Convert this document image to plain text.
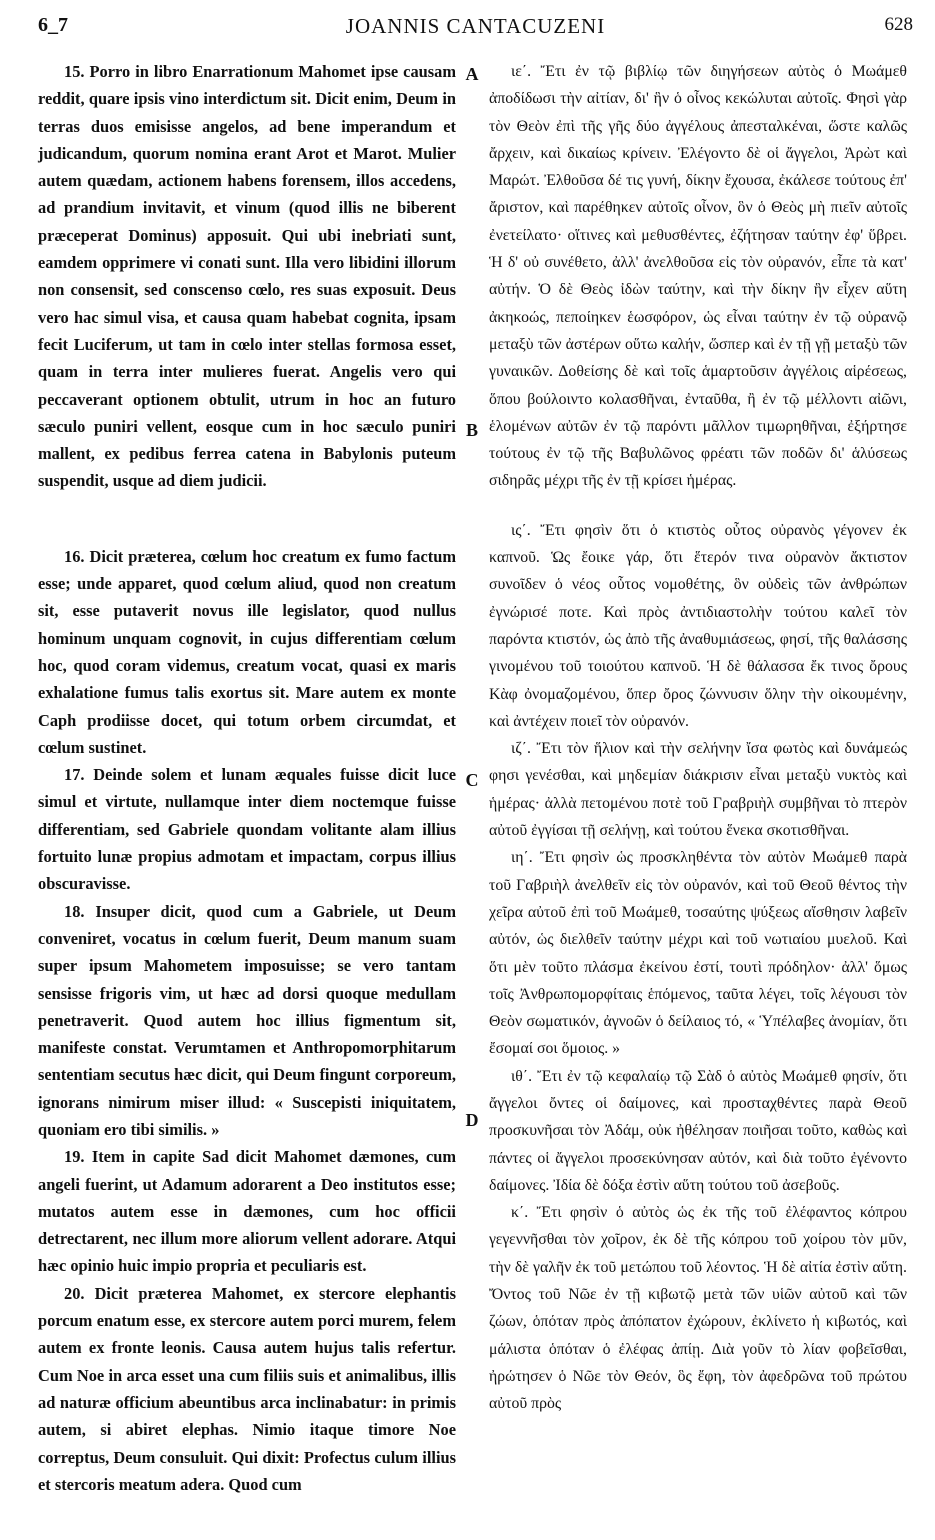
6_7	JOANNIS CANTACUZENI	628

15. Porro in libro Enarrationum Mahomet ipse causam reddit, quare ipsis vino interdictum sit. Dicit enim, Deum in terras duos emisisse angelos, ad bene imperandum et judicandum, quorum nomina erant Arot et Marot. Mulier autem quædam, actionem habens forensem, illos accedens, ad prandium invitavit, et vinum (quod illis ne biberent præceperat Dominus) apposuit. Qui ubi inebriati sunt, eamdem opprimere vi conati sunt. Illa vero libidini illorum non consensit, sed conscenso cœlo, res suas exposuit. Deus vero hac simul visa, et causa quam habebat cognita, ipsam fecit Luciferum, ut tam in cœlo inter stellas formosa esset, quam in terra inter mulieres fuerat. Angelis vero qui peccaverant optionem obtulit, utrum in hoc an futuro sæculo puniri vellent, eosque cum in hoc sæculo puniri mallent, ex pedibus ferrea catena in Babylonis puteum suspendit, usque ad diem judicii.

16. Dicit præterea, cœlum hoc creatum ex fumo factum esse; unde apparet, quod cœlum aliud, quod non creatum sit, esse putaverit novus ille legislator, quod nullus hominum unquam cognovit, in cujus differentiam cœlum hoc, quod coram videmus, creatum vocat, quasi ex maris exhalatione fumus talis exortus sit. Mare autem ex monte Caph prodiisse docet, qui totum orbem circumdat, et cœlum sustinet.

17. Deinde solem et lunam æquales fuisse dicit luce simul et virtute, nullamque inter diem noctemque fuisse differentiam, sed Gabriele quondam volitante alam illius fortuito lunæ propius admotam et impactam, corpus illius obscuravisse.

18. Insuper dicit, quod cum a Gabriele, ut Deum conveniret, vocatus in cœlum fuerit, Deum manum suam super ipsum Mahometem imposuisse; se vero tantam sensisse frigoris vim, ut hæc ad dorsi quoque medullam penetraverit. Quod autem hoc illius figmentum sit, manifeste constat. Verumtamen et Anthropomorphitarum sententiam secutus hæc dicit, qui Deum fingunt corporeum, ignorans nimirum miser illud: « Suscepisti iniquitatem, quoniam ero tibi similis. »

19. Item in capite Sad dicit Mahomet dæmones, cum angeli fuerint, ut Adamum adorarent a Deo institutos esse; mutatos autem esse in dæmones, cum hoc officii detrectarent, nec illum more aliorum vellent adorare. Atqui hæc opinio huic impio propria et peculiaris est.

20. Dicit præterea Mahomet, ex stercore elephantis porcum enatum esse, ex stercore autem porci murem, felem autem ex fronte leonis. Causa autem hujus talis refertur. Cum Noe in arca esset una cum filiis suis et animalibus, illis ad naturæ officium abeuntibus arca inclinabatur: in primis autem, si abiret elephas. Nimio itaque timore Noe correptus, Deum consuluit. Qui dixit: Profectus culum illius et stercoris meatum adera. Quod cum

A
B
C
D

ιε΄. Ἔτι ἐν τῷ βιβλίῳ τῶν διηγήσεων αὐτὸς ὁ Μωάμεθ ἀποδίδωσι τὴν αἰτίαν, δι' ἣν ὁ οἶνος κεκώλυται αὐτοῖς. Φησὶ γὰρ τὸν Θεὸν ἐπὶ τῆς γῆς δύο ἀγγέλους ἀπεσταλκέναι, ὥστε καλῶς ἄρχειν, καὶ δικαίως κρίνειν. Ἐλέγοντο δὲ οἱ ἄγγελοι, Ἀρὼτ καὶ Μαρώτ. Ἐλθοῦσα δέ τις γυνή, δίκην ἔχουσα, ἐκάλεσε τούτους ἐπ' ἄριστον, καὶ παρέθηκεν αὐτοῖς οἶνον, ὃν ὁ Θεὸς μὴ πιεῖν αὐτοῖς ἐνετείλατο· οἵτινες καὶ μεθυσθέντες, ἐζήτησαν ταύτην ἐφ' ὕβρει. Ἡ δ' οὐ συνέθετο, ἀλλ' ἀνελθοῦσα εἰς τὸν οὐρανόν, εἶπε τὰ κατ' αὐτήν. Ὁ δὲ Θεὸς ἰδὼν ταύτην, καὶ τὴν δίκην ἣν εἶχεν αὕτη ἀκηκοώς, πεποίηκεν ἑωσφόρον, ὡς εἶναι ταύτην ἐν τῷ οὐρανῷ μεταξὺ τῶν ἀστέρων οὕτω καλήν, ὥσπερ καὶ ἐν τῇ γῇ μεταξὺ τῶν γυναικῶν. Δοθείσης δὲ καὶ τοῖς ἁμαρτοῦσιν ἀγγέλοις αἱρέσεως, ὅπου βούλοιντο κολασθῆναι, ἐνταῦθα, ἢ ἐν τῷ μέλλοντι αἰῶνι, ἑλομένων αὐτῶν ἐν τῷ παρόντι μᾶλλον τιμωρηθῆναι, ἐξήρτησε τούτους ἐν τῷ τῆς Βαβυλῶνος φρέατι τῶν ποδῶν δι' ἁλύσεως σιδηρᾶς μέχρι τῆς ἐν τῇ κρίσει ἡμέρας.

ις΄. Ἔτι φησὶν ὅτι ὁ κτιστὸς οὗτος οὐρανὸς γέγονεν ἐκ καπνοῦ. Ὡς ἔοικε γάρ, ὅτι ἕτερόν τινα οὐρανὸν ἄκτιστον συνοῖδεν ὁ νέος οὗτος νομοθέτης, ὃν οὐδεὶς τῶν ἀνθρώπων ἐγνώρισέ ποτε. Καὶ πρὸς ἀντιδιαστολὴν τούτου καλεῖ τὸν παρόντα κτιστόν, ὡς ἀπὸ τῆς ἀναθυμιάσεως, φησί, τῆς θαλάσσης γινομένου τοῦ τοιούτου καπνοῦ. Ἡ δὲ θάλασσα ἔκ τινος ὄρους Κὰφ ὀνομαζομένου, ὅπερ ὄρος ζώννυσιν ὅλην τὴν οἰκουμένην, καὶ ἀντέχειν ποιεῖ τὸν οὐρανόν.

ιζ΄. Ἔτι τὸν ἥλιον καὶ τὴν σελήνην ἴσα φωτὸς καὶ δυνάμεώς φησι γενέσθαι, καὶ μηδεμίαν διάκρισιν εἶναι μεταξὺ νυκτὸς καὶ ἡμέρας· ἀλλὰ πετομένου ποτὲ τοῦ Γραβριὴλ συμβῆναι τὸ πτερὸν αὐτοῦ ἐγγίσαι τῇ σελήνῃ, καὶ τούτου ἕνεκα σκοτισθῆναι.

ιη΄. Ἔτι φησὶν ὡς προσκληθέντα τὸν αὐτὸν Μωάμεθ παρὰ τοῦ Γαβριὴλ ἀνελθεῖν εἰς τὸν οὐρανόν, καὶ τοῦ Θεοῦ θέντος τὴν χεῖρα αὐτοῦ ἐπὶ τοῦ Μωάμεθ, τοσαύτης ψύξεως αἴσθησιν λαβεῖν αὐτόν, ὡς διελθεῖν ταύτην μέχρι καὶ τοῦ νωτιαίου μυελοῦ. Καὶ ὅτι μὲν τοῦτο πλάσμα ἐκείνου ἐστί, τουτὶ πρόδηλον· ἀλλ' ὅμως τοῖς Ἀνθρωπομορφίταις ἑπόμενος, ταῦτα λέγει, τοῖς λέγουσι τὸν Θεὸν σωματικόν, ἀγνοῶν ὁ δείλαιος τό, « Ὑπέλαβες ἀνομίαν, ὅτι ἔσομαί σοι ὅμοιος. »

ιθ΄. Ἔτι ἐν τῷ κεφαλαίῳ τῷ Σὰδ ὁ αὐτὸς Μωάμεθ φησίν, ὅτι ἄγγελοι ὄντες οἱ δαίμονες, καὶ προσταχθέντες παρὰ Θεοῦ προσκυνῆσαι τὸν Ἀδάμ, οὐκ ἠθέλησαν ποιῆσαι τοῦτο, καθὼς καὶ πάντες οἱ ἄγγελοι προσεκύνησαν αὐτόν, καὶ διὰ τοῦτο ἐγένοντο δαίμονες. Ἰδία δὲ δόξα ἐστὶν αὕτη τούτου τοῦ ἀσεβοῦς.

κ΄. Ἔτι φησὶν ὁ αὐτὸς ὡς ἐκ τῆς τοῦ ἐλέφαντος κόπρου γεγεννῆσθαι τὸν χοῖρον, ἐκ δὲ τῆς κόπρου τοῦ χοίρου τὸν μῦν, τὴν δὲ γαλῆν ἐκ τοῦ μετώπου τοῦ λέοντος. Ἡ δὲ αἰτία ἐστὶν αὕτη. Ὄντος τοῦ Νῶε ἐν τῇ κιβωτῷ μετὰ τῶν υἱῶν αὐτοῦ καὶ τῶν ζώων, ὁπόταν πρὸς ἀπόπατον ἐχώρουν, ἐκλίνετο ἡ κιβωτός, καὶ μάλιστα ὁπόταν ὁ ἐλέφας ἀπίῃ. Διὰ γοῦν τὸ λίαν φοβεῖσθαι, ἠρώτησεν ὁ Νῶε τὸν Θεόν, ὃς ἔφη, τὸν ἀφεδρῶνα τοῦ πρώτου αὐτοῦ πρὸς
